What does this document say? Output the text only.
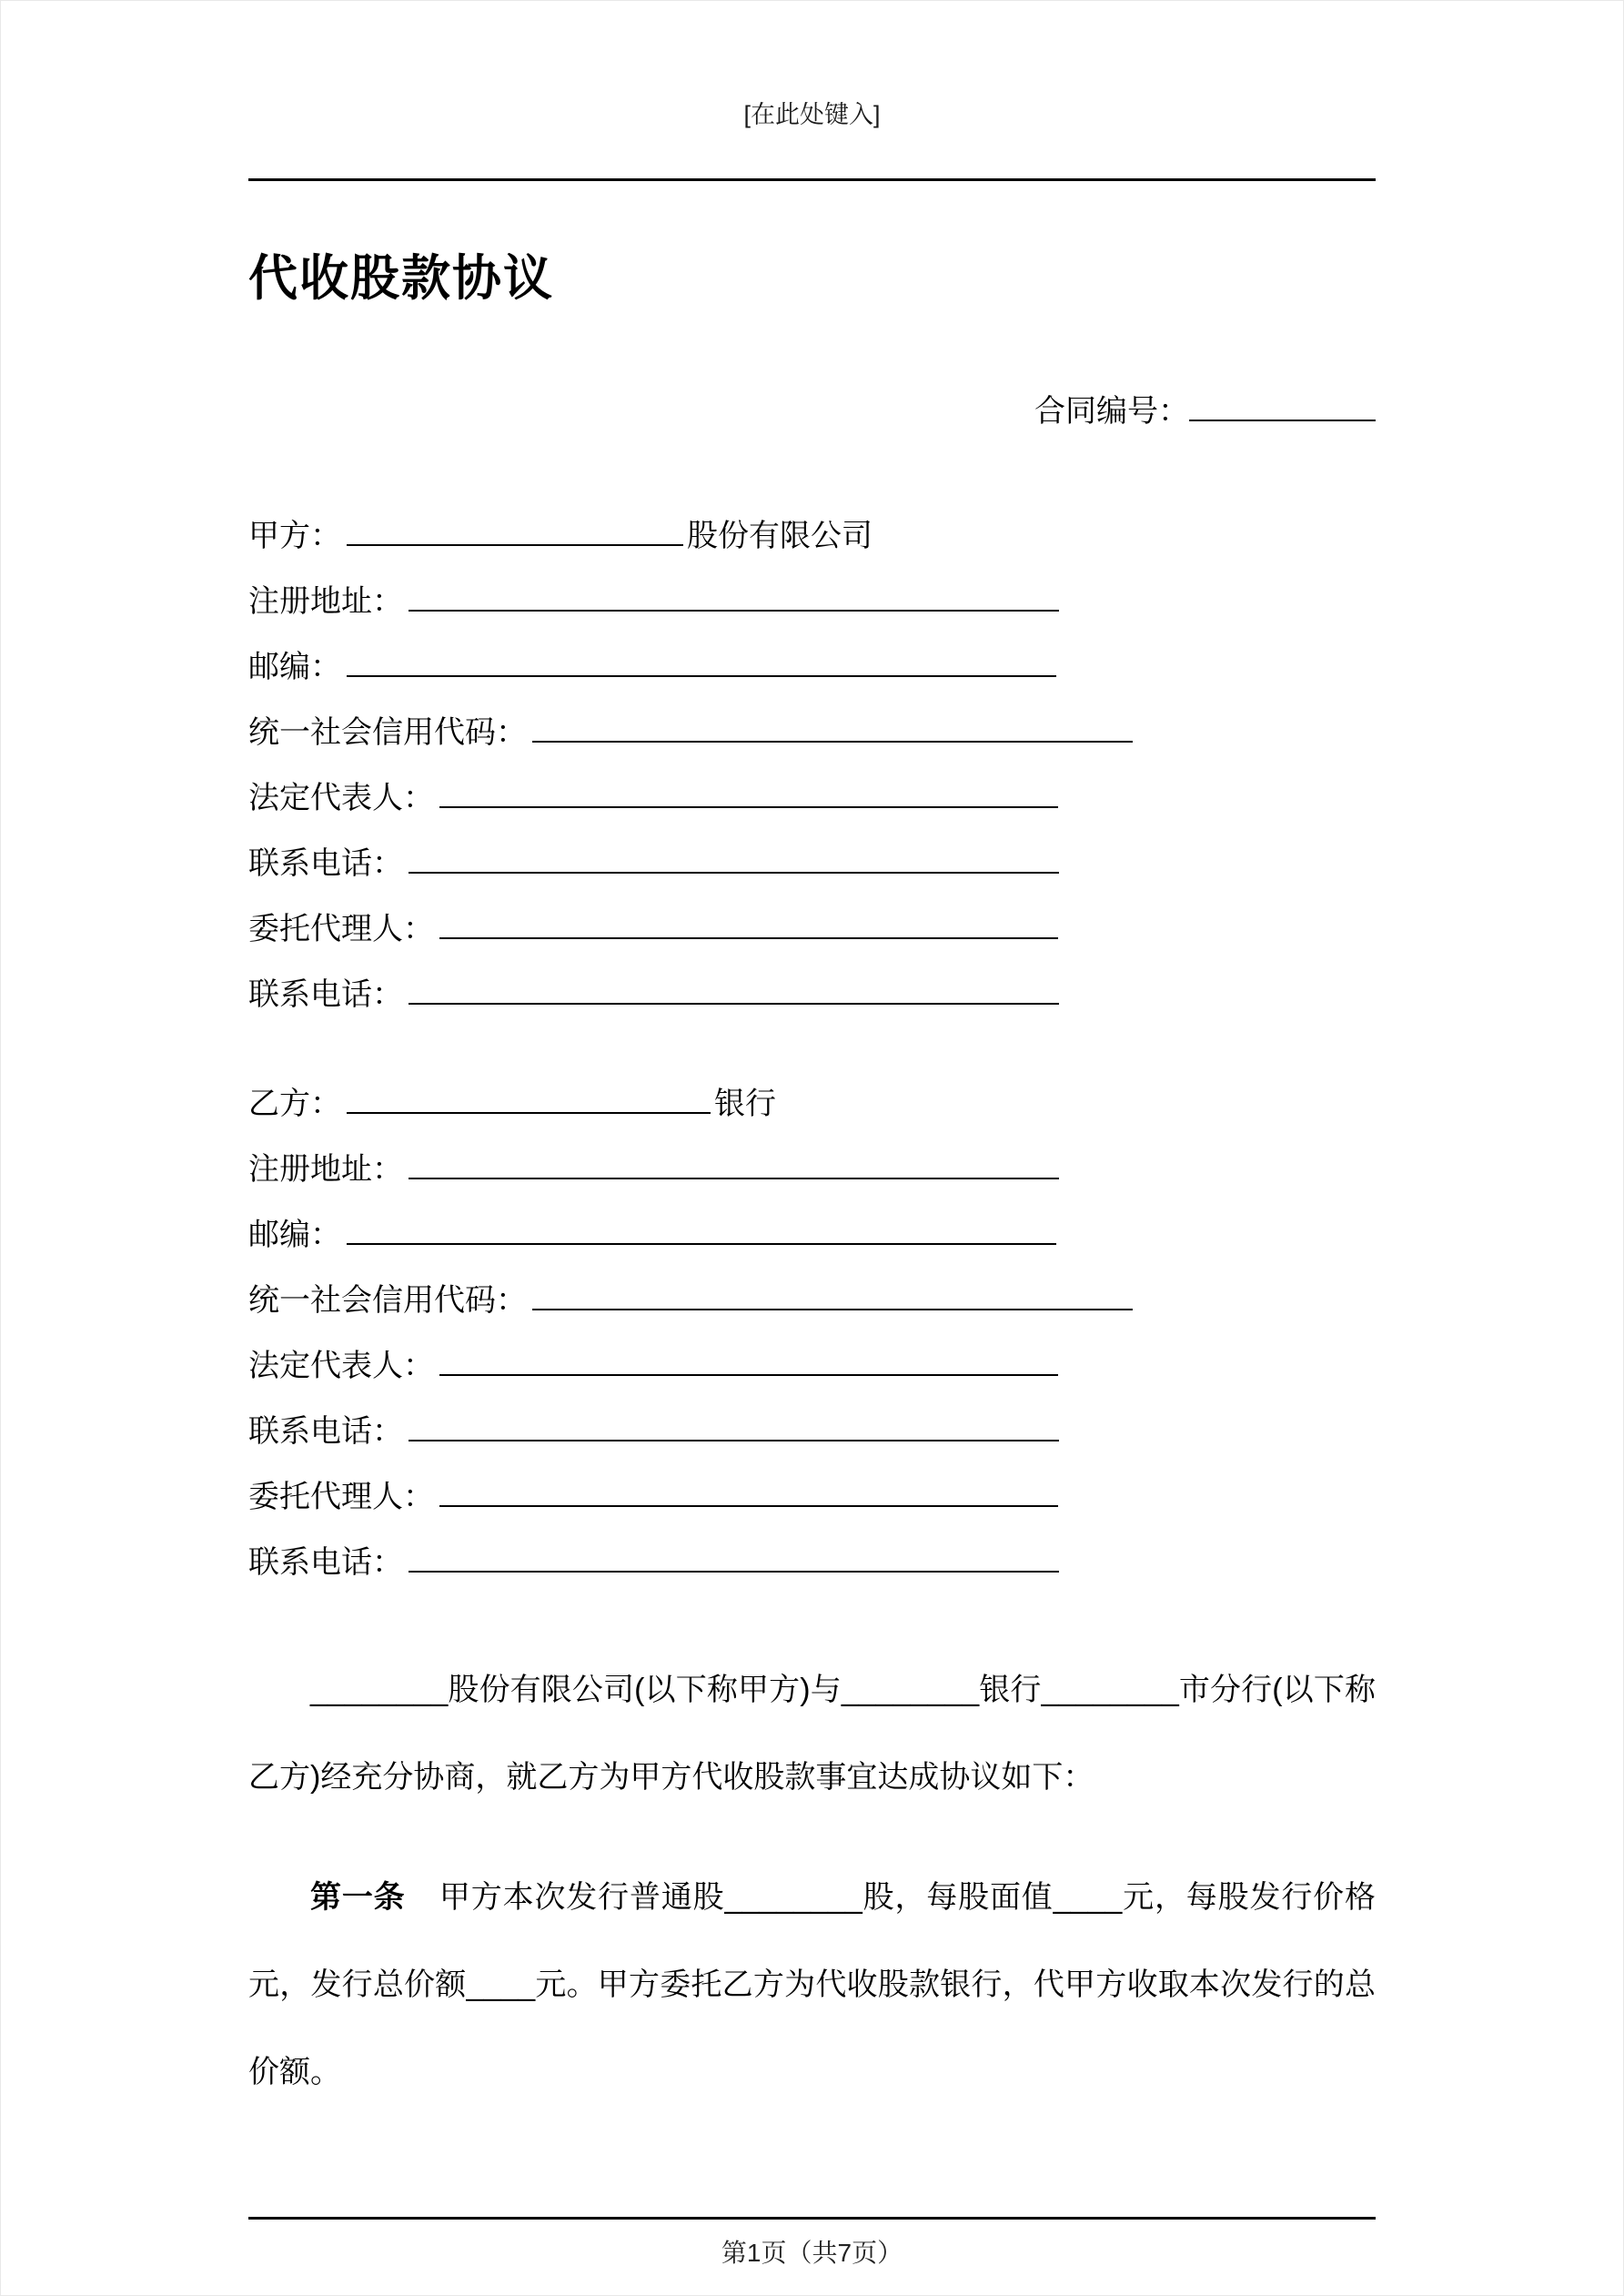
[在此处键入]
代收股款协议
合同编号：
甲方：	股份有限公司
注册地址：
邮编：
统一社会信用代码：
法定代表人：
联系电话：
委托代理人：
联系电话：
乙方：	银行
注册地址：
邮编：
统一社会信用代码：
法定代表人：
联系电话：
委托代理人：
联系电话：

________股份有限公司(以下称甲方)与________银行________市分行(以下称乙方)经充分协商，就乙方为甲方代收股款事宜达成协议如下：

第一条 甲方本次发行普通股________股，每股面值____元，每股发行价格元，发行总价额____元。甲方委托乙方为代收股款银行，代甲方收取本次发行的总价额。

第1页（共7页）
